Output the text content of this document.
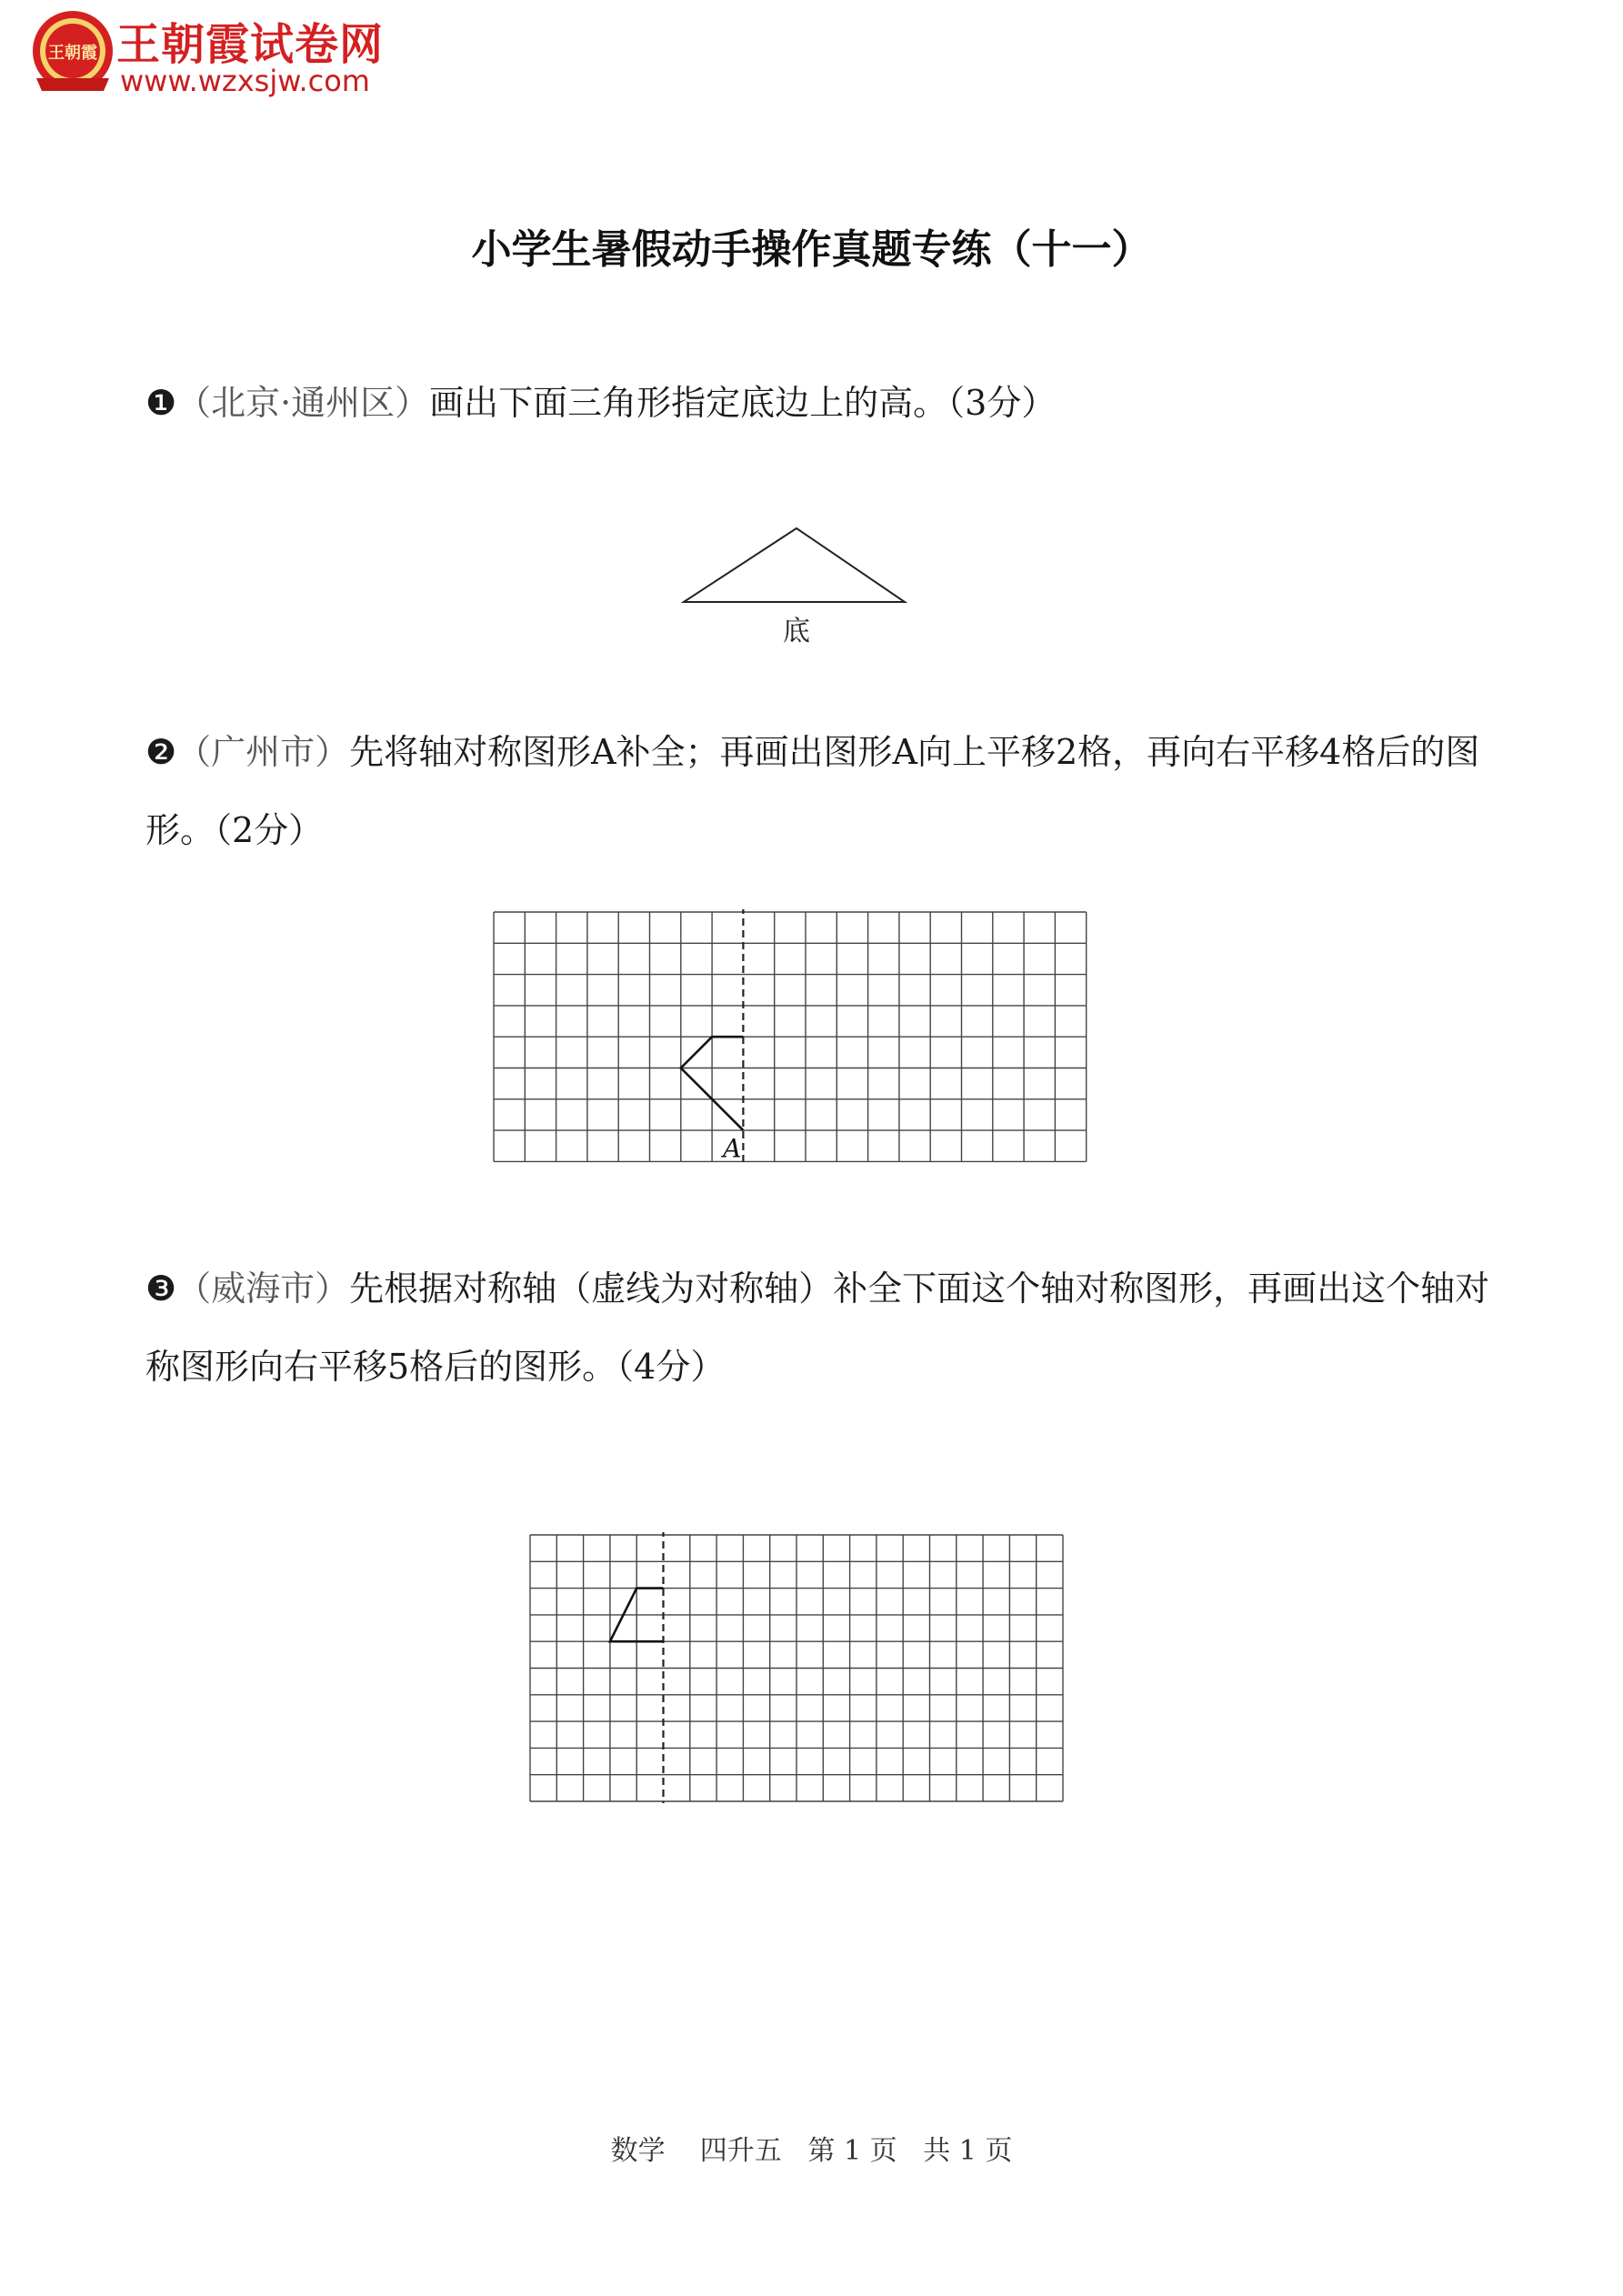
王朝霞 王朝霞试卷网
www.wzxsjw.com
小学生暑假动手操作真题专练（十一）
❶（北京·通州区）画出下面三角形指定底边上的高。（3分）
底
❷（广州市）先将轴对称图形A补全；再画出图形A向上平移2格，再向右平移4格后的图形。（2分）
A
❸（威海市）先根据对称轴（虚线为对称轴）补全下面这个轴对称图形，再画出这个轴对称图形向右平移5格后的图形。（4分）
数学 四升五 第 1 页 共 1 页
